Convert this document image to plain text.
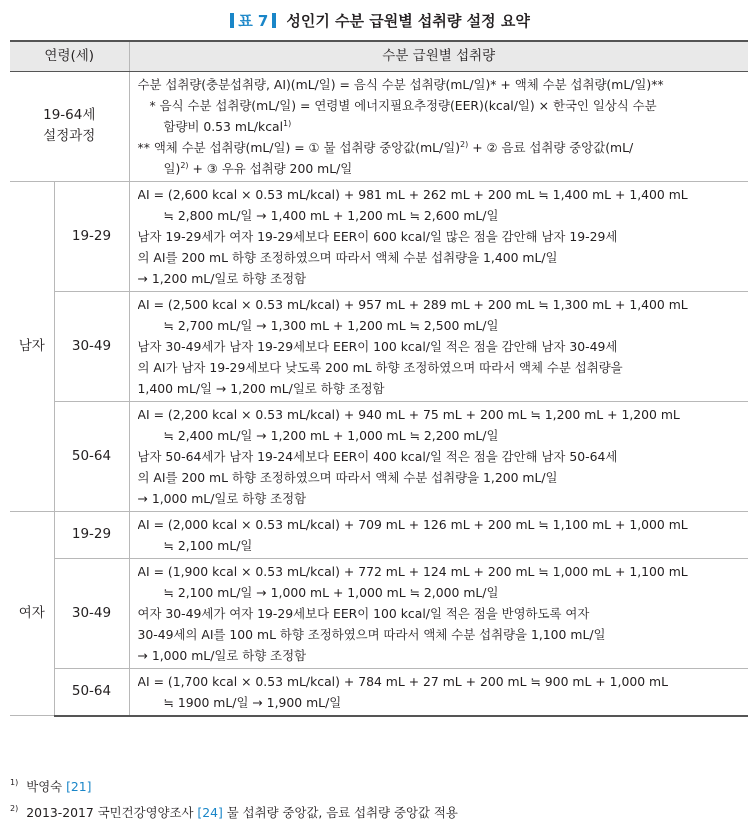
표 7 성인기 수분 급원별 섭취량 설정 요약
연령(세)		수분 급원별 섭취량

19-64세
설정과정		수분 섭취량(충분섭취량, AI)(mL/일) = 음식 수분 섭취량(mL/일)* + 액체 수분 섭취량(mL/일)**
* 음식 수분 섭취량(mL/일) = 연령별 에너지필요추정량(EER)(kcal/일) × 한국인 일상식 수분
함량비 0.53 mL/kcal$^{1)}$
** 액체 수분 섭취량(mL/일) = ① 물 섭취량 중앙값(mL/일)$^{2)}$ + ② 음료 섭취량 중앙값(mL/
일)$^{2)}$ + ③ 우유 섭취량 200 mL/일

남자	19-29	AI = (2,600 kcal × 0.53 mL/kcal) + 981 mL + 262 mL + 200 mL ≒ 1,400 mL + 1,400 mL
≒ 2,800 mL/일 → 1,400 mL + 1,200 mL ≒ 2,600 mL/일
남자 19-29세가 여자 19-29세보다 EER이 600 kcal/일 많은 점을 감안해 남자 19-29세
의 AI를 200 mL 하향 조정하였으며 따라서 액체 수분 섭취량을 1,400 mL/일
→ 1,200 mL/일로 하향 조정함

	30-49	AI = (2,500 kcal × 0.53 mL/kcal) + 957 mL + 289 mL + 200 mL ≒ 1,300 mL + 1,400 mL
≒ 2,700 mL/일 → 1,300 mL + 1,200 mL ≒ 2,500 mL/일
남자 30-49세가 남자 19-29세보다 EER이 100 kcal/일 적은 점을 감안해 남자 30-49세
의 AI가 남자 19-29세보다 낮도록 200 mL 하향 조정하였으며 따라서 액체 수분 섭취량을
1,400 mL/일 → 1,200 mL/일로 하향 조정함

	50-64	AI = (2,200 kcal × 0.53 mL/kcal) + 940 mL + 75 mL + 200 mL ≒ 1,200 mL + 1,200 mL
≒ 2,400 mL/일 → 1,200 mL + 1,000 mL ≒ 2,200 mL/일
남자 50-64세가 남자 19-24세보다 EER이 400 kcal/일 적은 점을 감안해 남자 50-64세
의 AI를 200 mL 하향 조정하였으며 따라서 액체 수분 섭취량을 1,200 mL/일
→ 1,000 mL/일로 하향 조정함

여자	19-29	AI = (2,000 kcal × 0.53 mL/kcal) + 709 mL + 126 mL + 200 mL ≒ 1,100 mL + 1,000 mL
≒ 2,100 mL/일

	30-49	AI = (1,900 kcal × 0.53 mL/kcal) + 772 mL + 124 mL + 200 mL ≒ 1,000 mL + 1,100 mL
≒ 2,100 mL/일 → 1,000 mL + 1,000 mL ≒ 2,000 mL/일
여자 30-49세가 여자 19-29세보다 EER이 100 kcal/일 적은 점을 반영하도록 여자
30-49세의 AI를 100 mL 하향 조정하였으며 따라서 액체 수분 섭취량을 1,100 mL/일
→ 1,000 mL/일로 하향 조정함

	50-64	AI = (1,700 kcal × 0.53 mL/kcal) + 784 mL + 27 mL + 200 mL ≒ 900 mL + 1,000 mL
≒ 1900 mL/일 → 1,900 mL/일
$^{1)}$ 박영숙 [21]
$^{2)}$ 2013-2017 국민건강영양조사 [24] 물 섭취량 중앙값, 음료 섭취량 중앙값 적용
